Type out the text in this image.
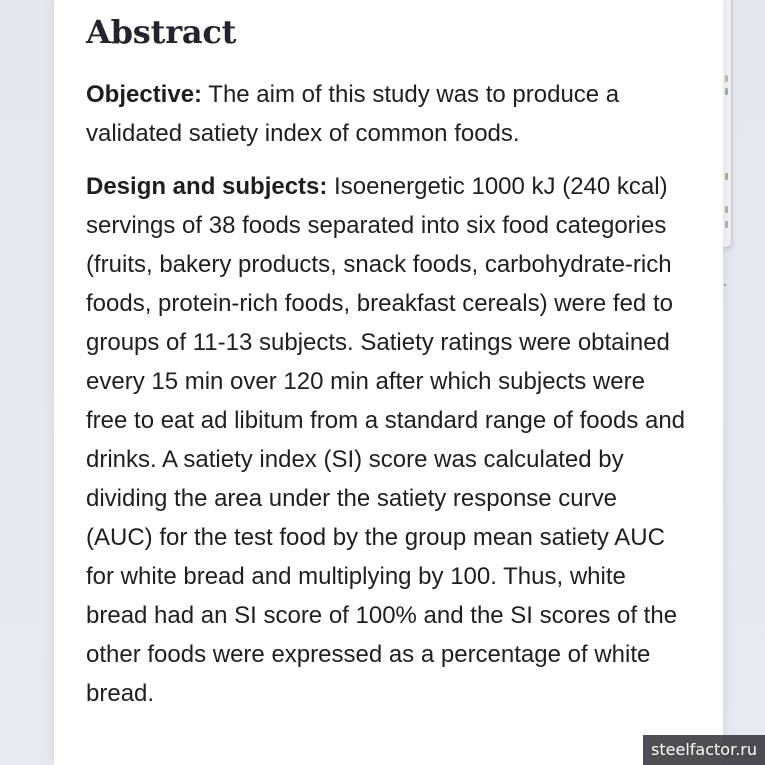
Abstract

Objective: The aim of this study was to produce a validated satiety index of common foods.

Design and subjects: Isoenergetic 1000 kJ (240 kcal) servings of 38 foods separated into six food categories (fruits, bakery products, snack foods, carbohydrate-rich foods, protein-rich foods, breakfast cereals) were fed to groups of 11-13 subjects. Satiety ratings were obtained every 15 min over 120 min after which subjects were free to eat ad libitum from a standard range of foods and drinks. A satiety index (SI) score was calculated by dividing the area under the satiety response curve (AUC) for the test food by the group mean satiety AUC for white bread and multiplying by 100. Thus, white bread had an SI score of 100% and the SI scores of the other foods were expressed as a percentage of white bread.

steelfactor.ru
